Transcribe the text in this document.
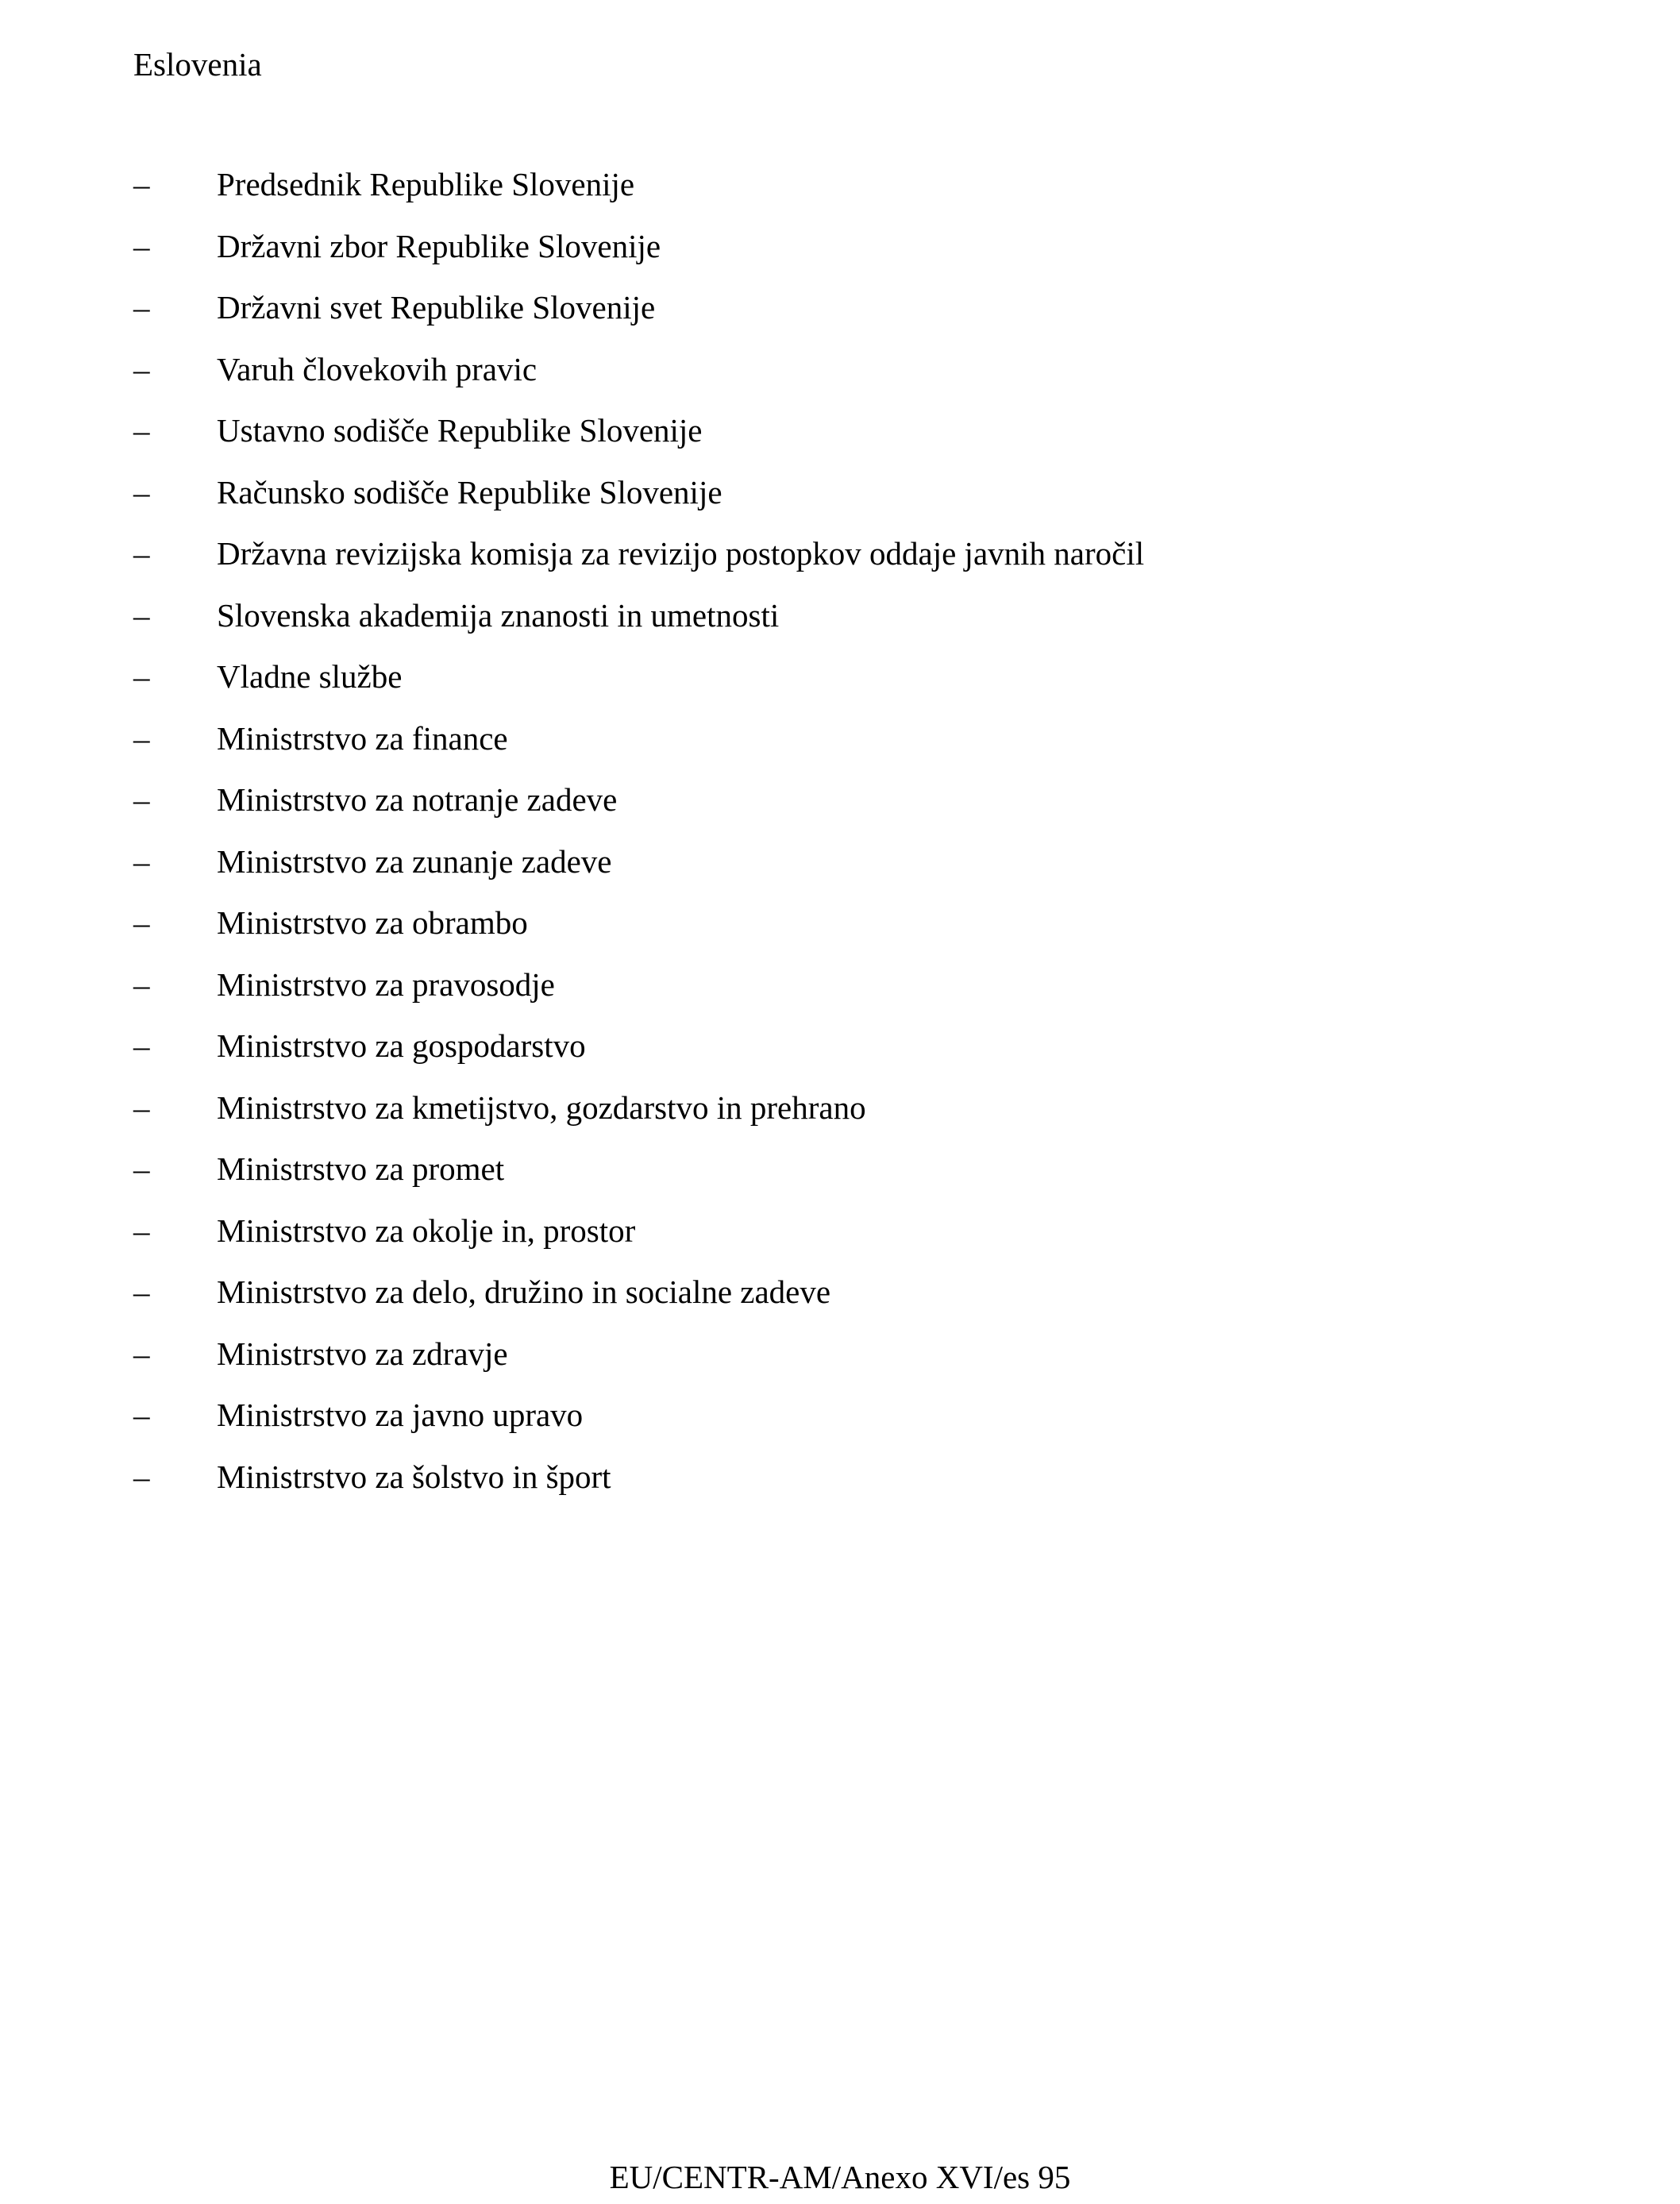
Eslovenia
–	Predsednik Republike Slovenije
–	Državni zbor Republike Slovenije
–	Državni svet Republike Slovenije
–	Varuh človekovih pravic
–	Ustavno sodišče Republike Slovenije
–	Računsko sodišče Republike Slovenije
–	Državna revizijska komisja za revizijo postopkov oddaje javnih naročil
–	Slovenska akademija znanosti in umetnosti
–	Vladne službe
–	Ministrstvo za finance
–	Ministrstvo za notranje zadeve
–	Ministrstvo za zunanje zadeve
–	Ministrstvo za obrambo
–	Ministrstvo za pravosodje
–	Ministrstvo za gospodarstvo
–	Ministrstvo za kmetijstvo, gozdarstvo in prehrano
–	Ministrstvo za promet
–	Ministrstvo za okolje in, prostor
–	Ministrstvo za delo, družino in socialne zadeve
–	Ministrstvo za zdravje
–	Ministrstvo za javno upravo
–	Ministrstvo za šolstvo in šport
EU/CENTR-AM/Anexo XVI/es 95
